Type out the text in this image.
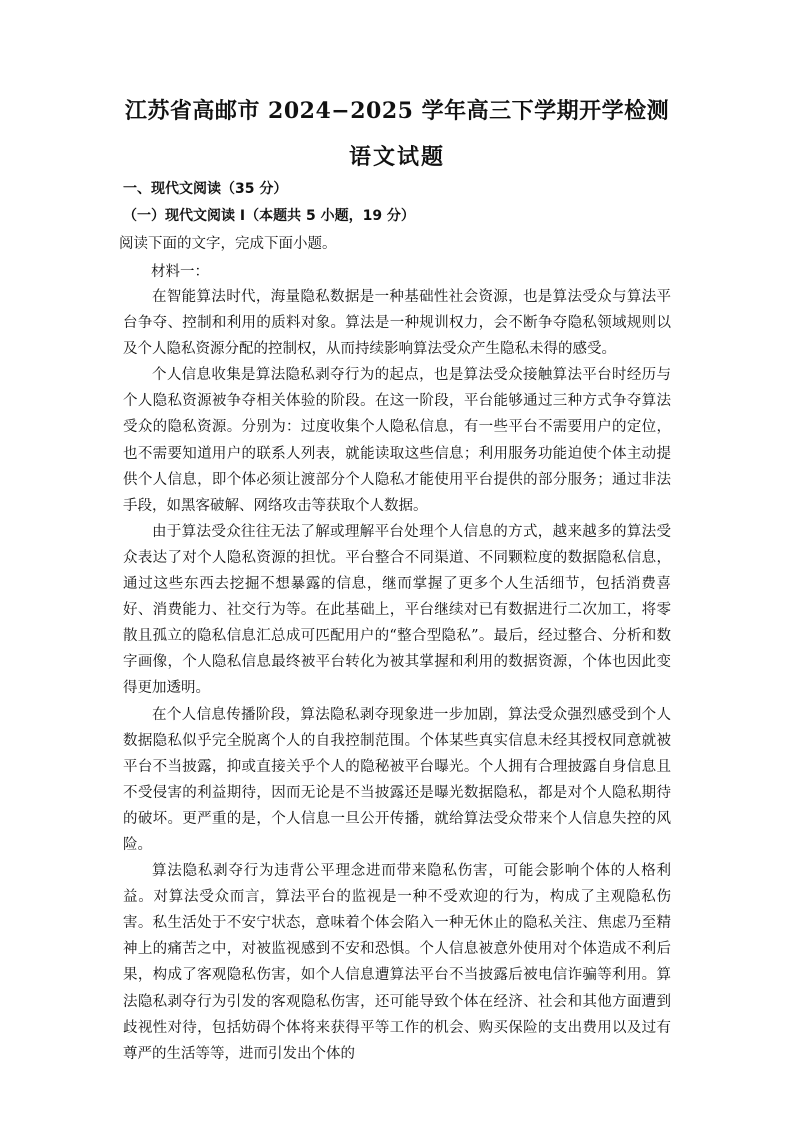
江苏省高邮市 2024−2025 学年高三下学期开学检测
语文试题
一、现代文阅读（35 分）
（一）现代文阅读 I（本题共 5 小题，19 分）
阅读下面的文字，完成下面小题。
材料一：

在智能算法时代，海量隐私数据是一种基础性社会资源，也是算法受众与算法平台争夺、控制和利用的质料对象。算法是一种规训权力，会不断争夺隐私领域规则以及个人隐私资源分配的控制权，从而持续影响算法受众产生隐私未得的感受。

个人信息收集是算法隐私剥夺行为的起点，也是算法受众接触算法平台时经历与个人隐私资源被争夺相关体验的阶段。在这一阶段，平台能够通过三种方式争夺算法受众的隐私资源。分别为：过度收集个人隐私信息，有一些平台不需要用户的定位，也不需要知道用户的联系人列表，就能读取这些信息；利用服务功能迫使个体主动提供个人信息，即个体必须让渡部分个人隐私才能使用平台提供的部分服务；通过非法手段，如黑客破解、网络攻击等获取个人数据。

由于算法受众往往无法了解或理解平台处理个人信息的方式，越来越多的算法受众表达了对个人隐私资源的担忧。平台整合不同渠道、不同颗粒度的数据隐私信息，通过这些东西去挖掘不想暴露的信息，继而掌握了更多个人生活细节，包括消费喜好、消费能力、社交行为等。在此基础上，平台继续对已有数据进行二次加工，将零散且孤立的隐私信息汇总成可匹配用户的“整合型隐私”。最后，经过整合、分析和数字画像，个人隐私信息最终被平台转化为被其掌握和利用的数据资源，个体也因此变得更加透明。

在个人信息传播阶段，算法隐私剥夺现象进一步加剧，算法受众强烈感受到个人数据隐私似乎完全脱离个人的自我控制范围。个体某些真实信息未经其授权同意就被平台不当披露，抑或直接关乎个人的隐秘被平台曝光。个人拥有合理披露自身信息且不受侵害的利益期待，因而无论是不当披露还是曝光数据隐私，都是对个人隐私期待的破坏。更严重的是，个人信息一旦公开传播，就给算法受众带来个人信息失控的风险。

算法隐私剥夺行为违背公平理念进而带来隐私伤害，可能会影响个体的人格利益。对算法受众而言，算法平台的监视是一种不受欢迎的行为，构成了主观隐私伤害。私生活处于不安宁状态，意味着个体会陷入一种无休止的隐私关注、焦虑乃至精神上的痛苦之中，对被监视感到不安和恐惧。个人信息被意外使用对个体造成不利后果，构成了客观隐私伤害，如个人信息遭算法平台不当披露后被电信诈骗等利用。算法隐私剥夺行为引发的客观隐私伤害，还可能导致个体在经济、社会和其他方面遭到歧视性对待，包括妨碍个体将来获得平等工作的机会、购买保险的支出费用以及过有尊严的生活等等，进而引发出个体的
